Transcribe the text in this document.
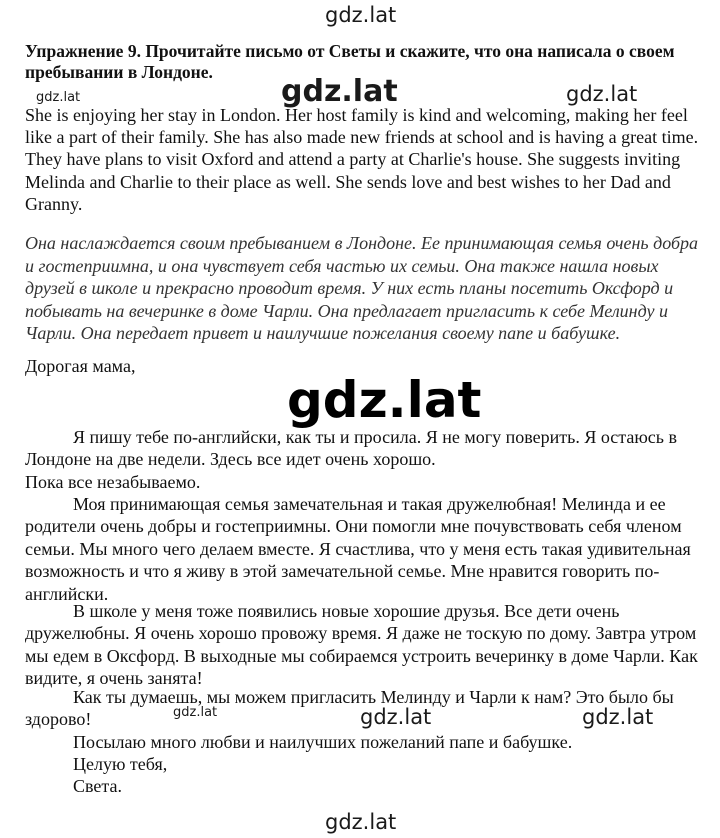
gdz.lat
gdz.lat	gdz.lat	gdz.lat
Упражнение 9. Прочитайте письмо от Светы и скажите, что она написала о своем пребывании в Лондоне.
She is enjoying her stay in London. Her host family is kind and welcoming, making her feel like a part of their family. She has also made new friends at school and is having a great time. They have plans to visit Oxford and attend a party at Charlie's house. She suggests inviting Melinda and Charlie to their place as well. She sends love and best wishes to her Dad and Granny.
Она наслаждается своим пребыванием в Лондоне. Ее принимающая семья очень добра и гостеприимна, и она чувствует себя частью их семьи. Она также нашла новых друзей в школе и прекрасно проводит время. У них есть планы посетить Оксфорд и побывать на вечеринке в доме Чарли. Она предлагает пригласить к себе Мелинду и Чарли. Она передает привет и наилучшие пожелания своему папе и бабушке.
Дорогая мама,
gdz.lat

Я пишу тебе по-английски, как ты и просила. Я не могу поверить. Я остаюсь в Лондоне на две недели. Здесь все идет очень хорошо.

Пока все незабываемо.

Моя принимающая семья замечательная и такая дружелюбная! Мелинда и ее родители очень добры и гостеприимны. Они помогли мне почувствовать себя членом семьи. Мы много чего делаем вместе. Я счастлива, что у меня есть такая удивительная возможность и что я живу в этой замечательной семье. Мне нравится говорить по-английски.

В школе у меня тоже появились новые хорошие друзья. Все дети очень дружелюбны. Я очень хорошо провожу время. Я даже не тоскую по дому. Завтра утром мы едем в Оксфорд. В выходные мы собираемся устроить вечеринку в доме Чарли. Как видите, я очень занята!

Как ты думаешь, мы можем пригласить Мелинду и Чарли к нам? Это было бы здорово!	gdz.lat	gdz.lat	gdz.lat
Посылаю много любви и наилучших пожеланий папе и бабушке.
Целую тебя,
Света.
gdz.lat
